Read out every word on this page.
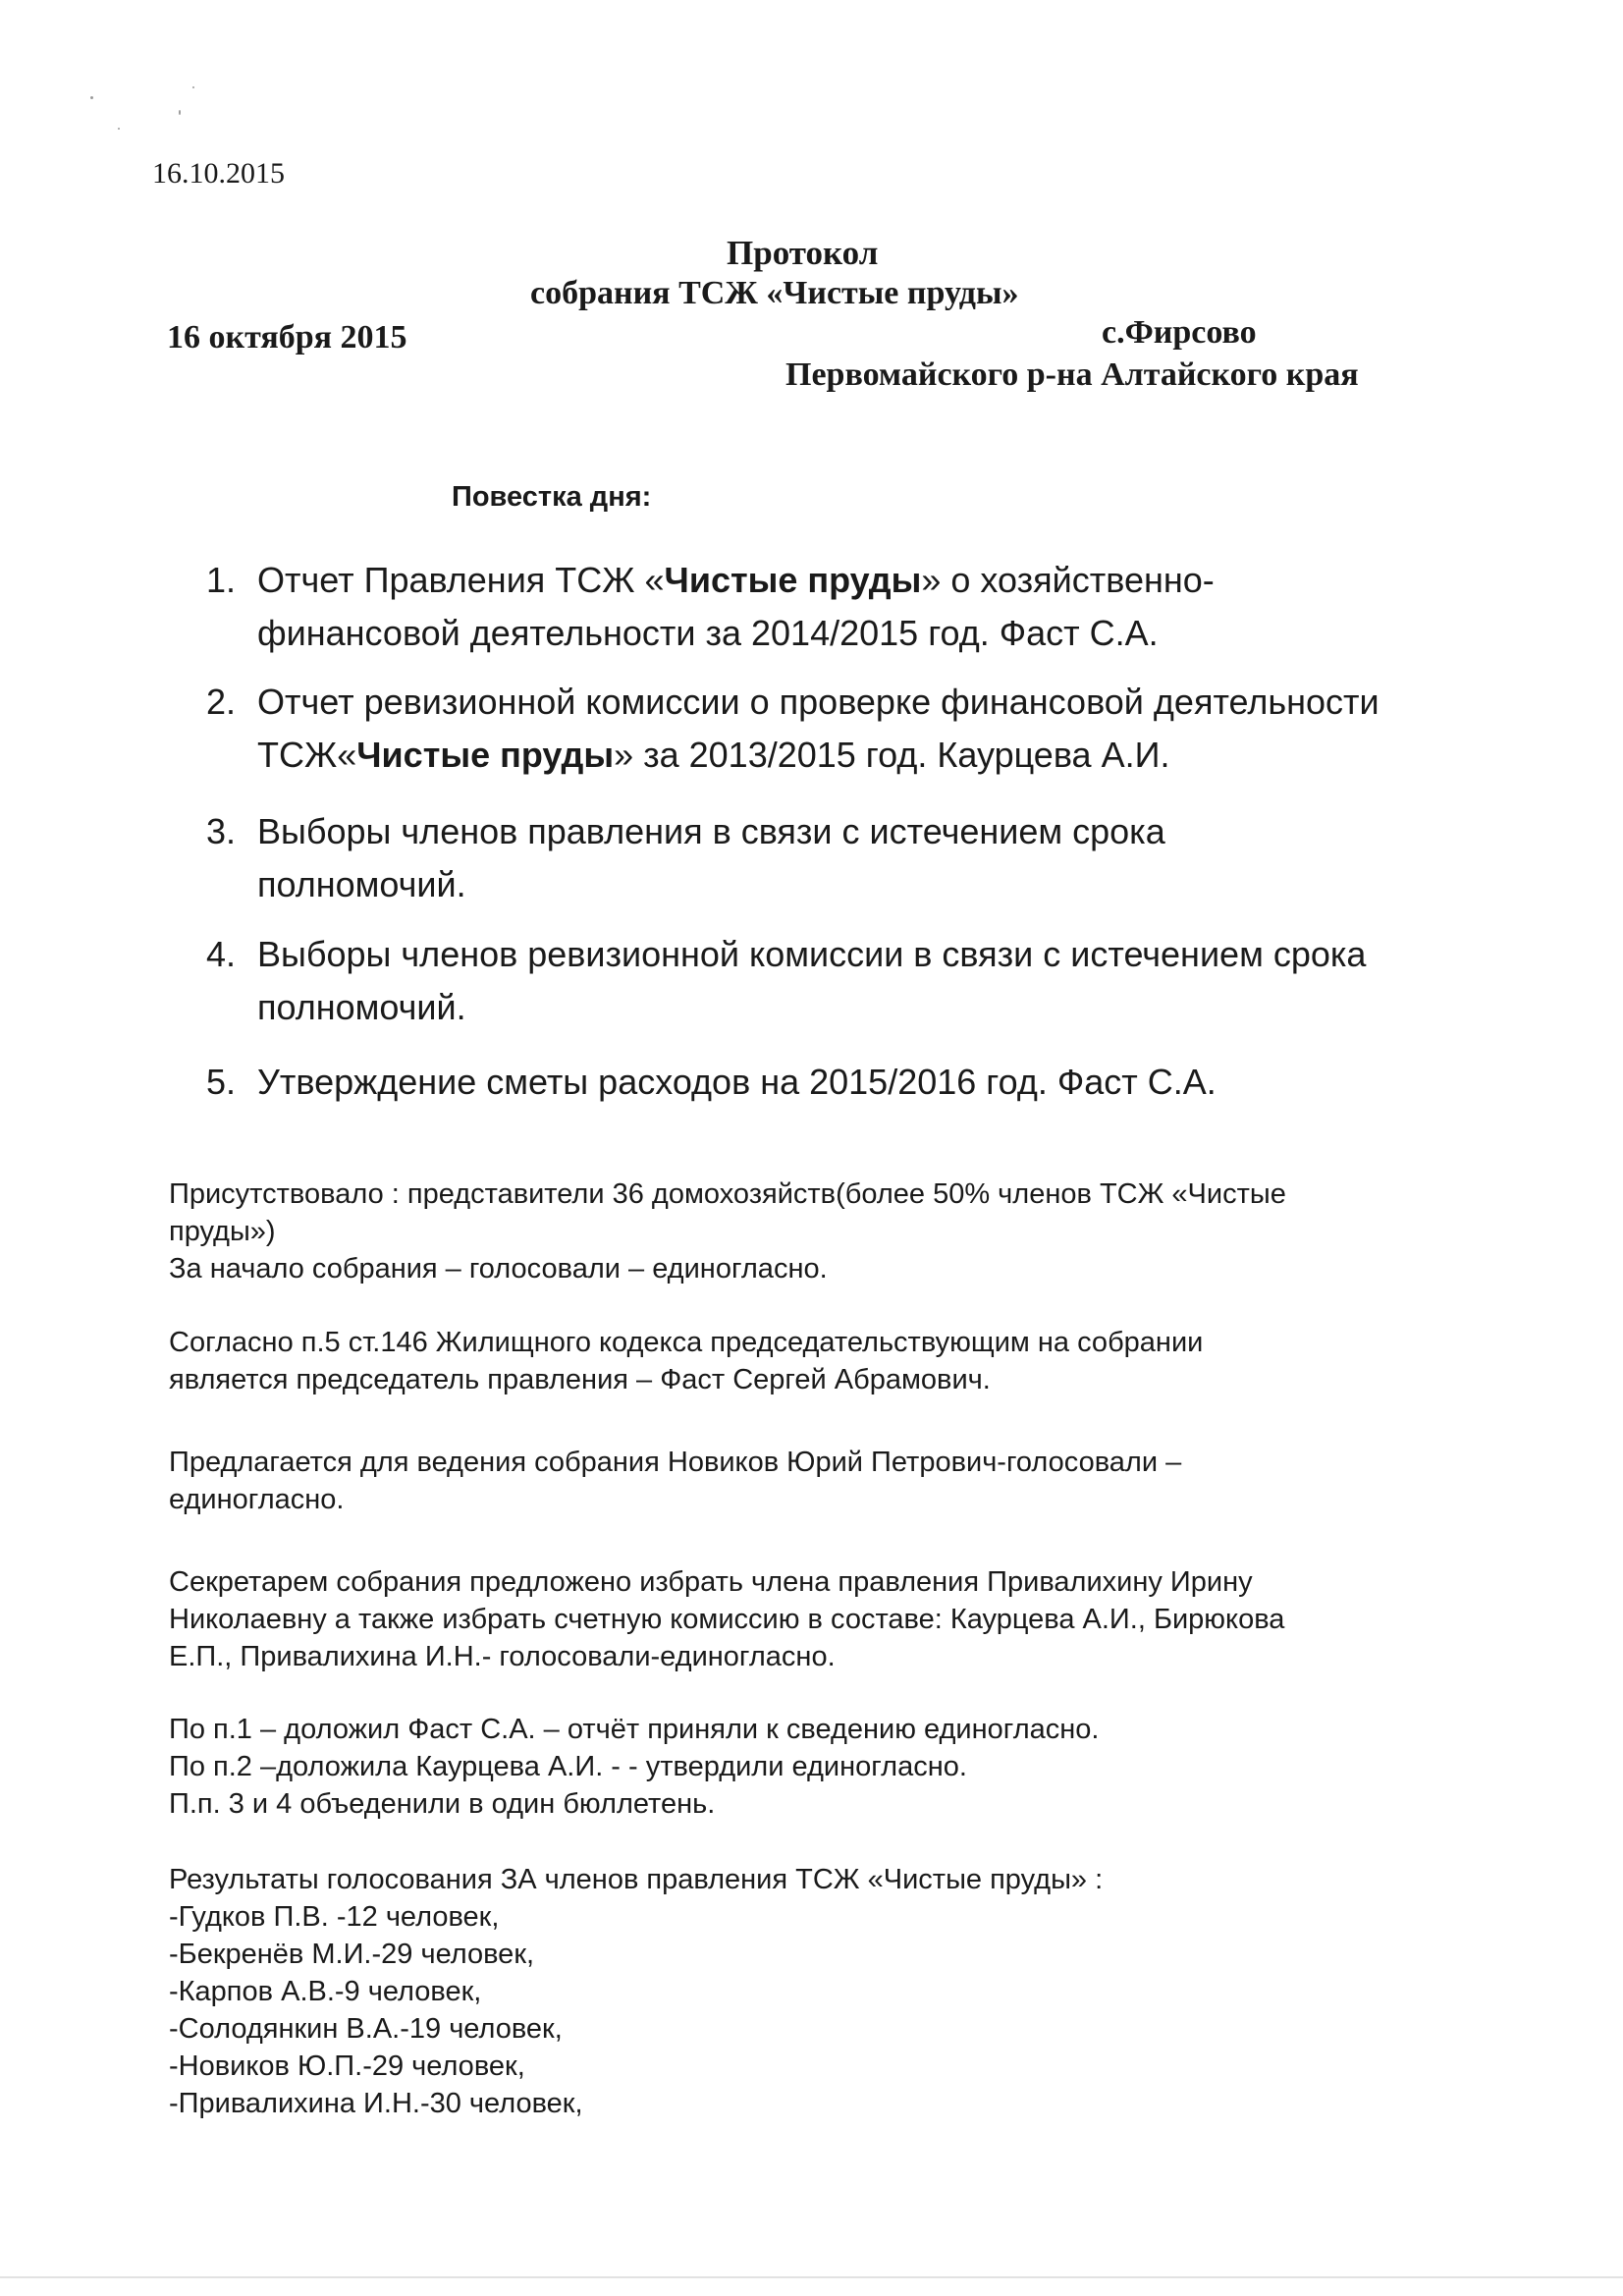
16.10.2015
Протокол
собрания ТСЖ «Чистые пруды»
16 октября 2015	с.Фирсово
Первомайского р-на Алтайского края
Повестка дня:
1. Отчет Правления ТСЖ «Чистые пруды» о хозяйственно-
финансовой деятельности за 2014/2015 год. Фаст С.А.
2. Отчет ревизионной комиссии о проверке финансовой деятельности
ТСЖ«Чистые пруды» за 2013/2015 год. Каурцева А.И.
3. Выборы членов правления в связи с истечением срока
полномочий.
4. Выборы членов ревизионной комиссии в связи с истечением срока
полномочий.
5. Утверждение сметы расходов на 2015/2016 год. Фаст С.А.
Присутствовало : представители 36 домохозяйств(более 50% членов ТСЖ «Чистые
пруды»)
За начало собрания – голосовали – единогласно.
Согласно п.5 ст.146 Жилищного кодекса председательствующим на собрании
является председатель правления – Фаст Сергей Абрамович.
Предлагается для ведения собрания Новиков Юрий Петрович-голосовали –
единогласно.
Секретарем собрания предложено избрать члена правления Привалихину Ирину
Николаевну а также избрать счетную комиссию в составе: Каурцева А.И., Бирюкова
Е.П., Привалихина И.Н.- голосовали-единогласно.
По п.1 – доложил Фаст С.А. – отчёт приняли к сведению единогласно.
По п.2 –доложила Каурцева А.И. - - утвердили единогласно.
П.п. 3 и 4 объеденили в один бюллетень.
Результаты голосования ЗА членов правления ТСЖ «Чистые пруды» :
-Гудков П.В. -12 человек,
-Бекренёв М.И.-29 человек,
-Карпов А.В.-9 человек,
-Солодянкин В.А.-19 человек,
-Новиков Ю.П.-29 человек,
-Привалихина И.Н.-30 человек,
